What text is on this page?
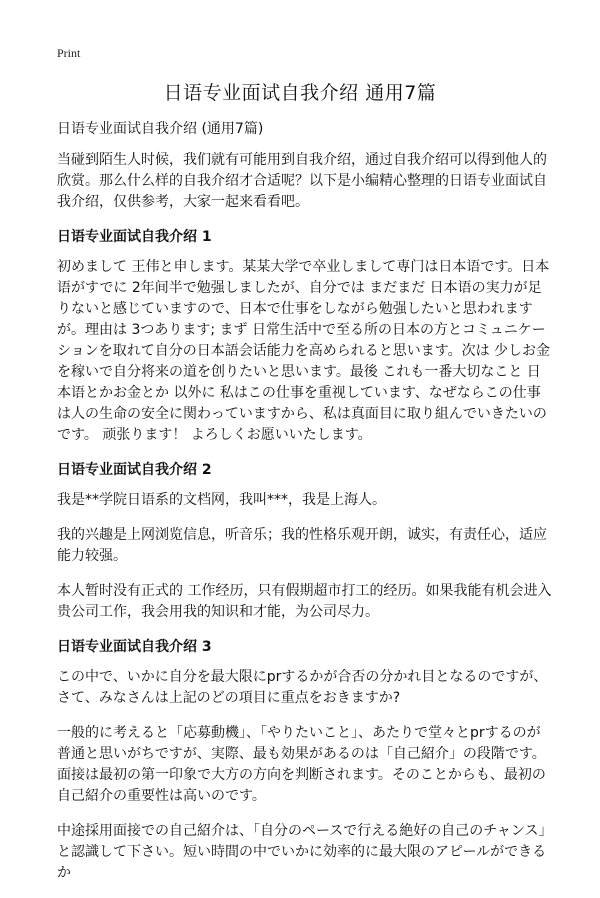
Print
日语专业面试自我介绍 通用7篇

日语专业面试自我介绍 (通用7篇)

当碰到陌生人时候，我们就有可能用到自我介绍，通过自我介绍可以得到他人的欣赏。那么什么样的自我介绍才合适呢？以下是小编精心整理的日语专业面试自我介绍，仅供参考，大家一起来看看吧。

日语专业面试自我介绍 1

初めまして 王伟と申します。某某大学で卒业しまして専门は日本语です。日本语がすでに 2年间半で勉强しましたが、自分では まだまだ 日本语の実力が足りないと感じていますので、日本で仕事をしながら勉强したいと思われますが。理由は 3つあります; まず 日常生活中で至る所の日本の方とコミュニケーションを取れて自分の日本語会话能力を高められると思います。次は 少しお金を稼いで自分将来の道を创りたいと思います。最後 これも一番大切なこと 日本语とかお金とか 以外に 私はこの仕事を重视しています、なぜならこの仕事は人の生命の安全に関わっていますから、私は真面目に取り組んでいきたいのです。 顽张ります！ よろしくお愿いいたします。

日语专业面试自我介绍 2

我是**学院日语系的文档网，我叫***，我是上海人。

我的兴趣是上网浏览信息，听音乐；我的性格乐观开朗，诚实，有责任心，适应能力较强。

本人暂时没有正式的 工作经历，只有假期超市打工的经历。如果我能有机会进入贵公司工作，我会用我的知识和才能，为公司尽力。

日语专业面试自我介绍 3

この中で、いかに自分を最大限にprするかが合否の分かれ目となるのですが、さて、みなさんは上記のどの項目に重点をおきますか?

一般的に考えると「応募動機」、「やりたいこと」、あたりで堂々とprするのが普通と思いがちですが、実際、最も効果があるのは「自己紹介」の段階です。面接は最初の第一印象で大方の方向を判断されます。そのことからも、最初の自己紹介の重要性は高いのです。

中途採用面接での自己紹介は、「自分のペースで行える絶好の自己のチャンス」と認識して下さい。短い時間の中でいかに効率的に最大限のアピールができるか
